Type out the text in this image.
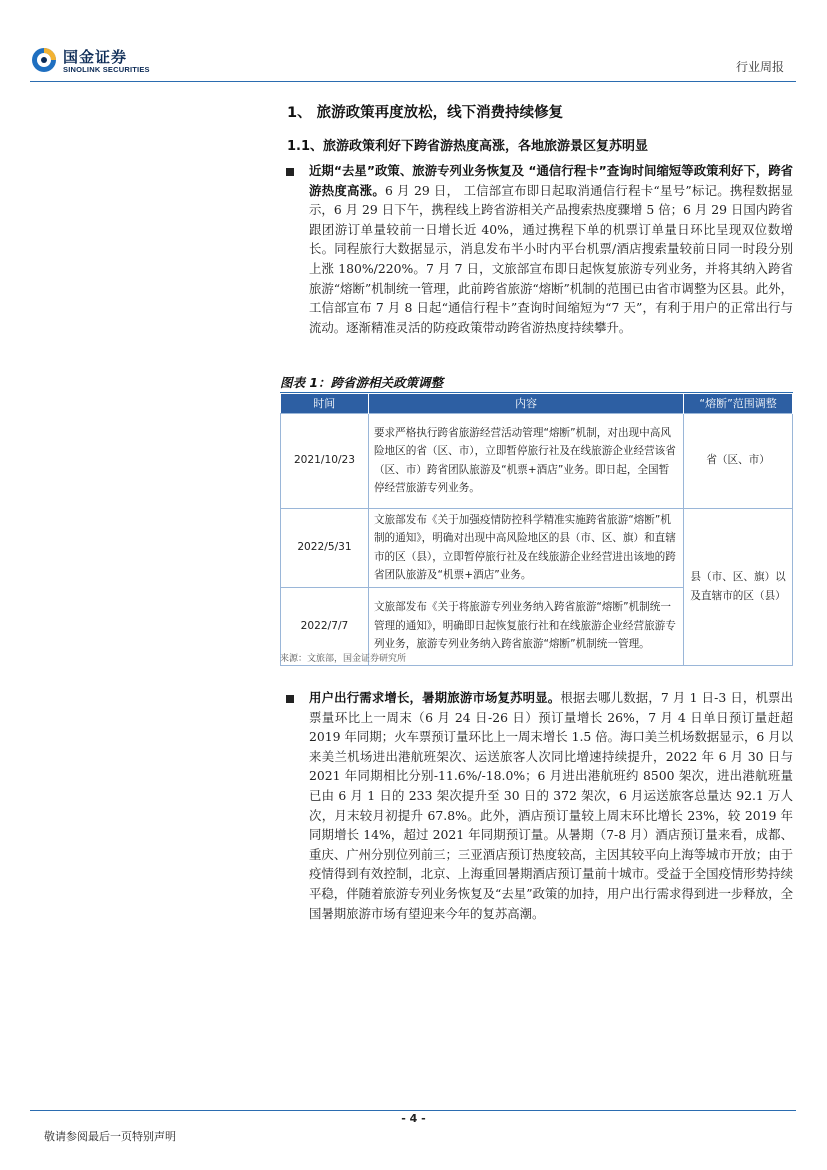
国金证券
SINOLINK SECURITIES	行业周报
1、 旅游政策再度放松，线下消费持续修复
1.1、旅游政策利好下跨省游热度高涨，各地旅游景区复苏明显
近期“去星”政策、旅游专列业务恢复及 “通信行程卡”查询时间缩短等政策利好下，跨省游热度高涨。6 月 29 日， 工信部宣布即日起取消通信行程卡“星号”标记。携程数据显示，6 月 29 日下午，携程线上跨省游相关产品搜索热度骤增 5 倍；6 月 29 日国内跨省跟团游订单量较前一日增长近 40%，通过携程下单的机票订单量日环比呈现双位数增长。同程旅行大数据显示，消息发布半小时内平台机票/酒店搜索量较前日同一时段分别上涨 180%/220%。7 月 7 日，文旅部宣布即日起恢复旅游专列业务，并将其纳入跨省旅游“熔断”机制统一管理，此前跨省旅游“熔断”机制的范围已由省市调整为区县。此外，工信部宣布 7 月 8 日起“通信行程卡”查询时间缩短为“7 天”，有利于用户的正常出行与流动。逐渐精准灵活的防疫政策带动跨省游热度持续攀升。
图表 1：跨省游相关政策调整
时间	内容	“熔断”范围调整
2021/10/23	要求严格执行跨省旅游经营活动管理“熔断”机制，对出现中高风险地区的省（区、市），立即暂停旅行社及在线旅游企业经营该省（区、市）跨省团队旅游及“机票+酒店”业务。即日起，全国暂停经营旅游专列业务。	省（区、市）
2022/5/31	文旅部发布《关于加强疫情防控科学精准实施跨省旅游“熔断”机制的通知》，明确对出现中高风险地区的县（市、区、旗）和直辖市的区（县），立即暂停旅行社及在线旅游企业经营进出该地的跨省团队旅游及“机票+酒店”业务。	县（市、区、旗）以及直辖市的区（县）
2022/7/7	文旅部发布《关于将旅游专列业务纳入跨省旅游“熔断”机制统一管理的通知》，明确即日起恢复旅行社和在线旅游企业经营旅游专列业务，旅游专列业务纳入跨省旅游“熔断”机制统一管理。	
来源：文旅部，国金证券研究所
用户出行需求增长，暑期旅游市场复苏明显。根据去哪儿数据，7 月 1 日-3 日，机票出票量环比上一周末（6 月 24 日-26 日）预订量增长 26%，7 月 4 日单日预订量赶超 2019 年同期；火车票预订量环比上一周末增长 1.5 倍。海口美兰机场数据显示，6 月以来美兰机场进出港航班架次、运送旅客人次同比增速持续提升，2022 年 6 月 30 日与 2021 年同期相比分别-11.6%/-18.0%；6 月进出港航班约 8500 架次，进出港航班量已由 6 月 1 日的 233 架次提升至 30 日的 372 架次，6 月运送旅客总量达 92.1 万人次，月末较月初提升 67.8%。此外，酒店预订量较上周末环比增长 23%，较 2019 年同期增长 14%，超过 2021 年同期预订量。从暑期（7-8 月）酒店预订量来看，成都、重庆、广州分别位列前三；三亚酒店预订热度较高，主因其较平向上海等城市开放；由于疫情得到有效控制，北京、上海重回暑期酒店预订量前十城市。受益于全国疫情形势持续平稳，伴随着旅游专列业务恢复及“去星”政策的加持，用户出行需求得到进一步释放，全国暑期旅游市场有望迎来今年的复苏高潮。
- 4 -
敬请参阅最后一页特别声明
